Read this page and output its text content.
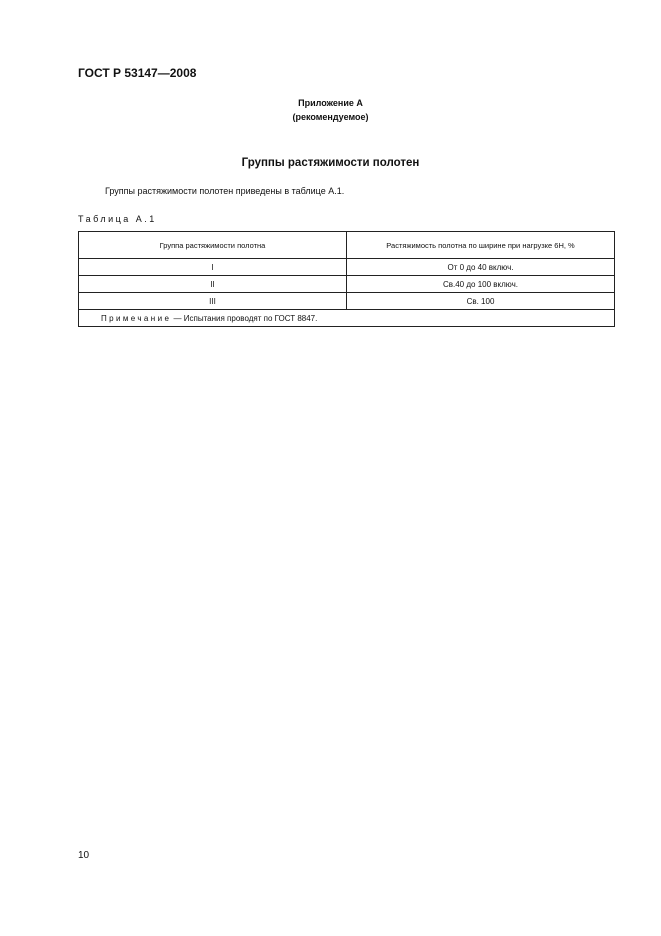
ГОСТ Р 53147—2008
Приложение А
(рекомендуемое)
Группы растяжимости полотен
Группы растяжимости полотен приведены в таблице А.1.
Таблица А.1
Группа растяжимости полотна	Растяжимость полотна по ширине при нагрузке 6Н, %
I	От 0 до 40 включ.
II	Св.40 до 100 включ.
III	Св. 100
Примечание — Испытания проводят по ГОСТ 8847.	
10
